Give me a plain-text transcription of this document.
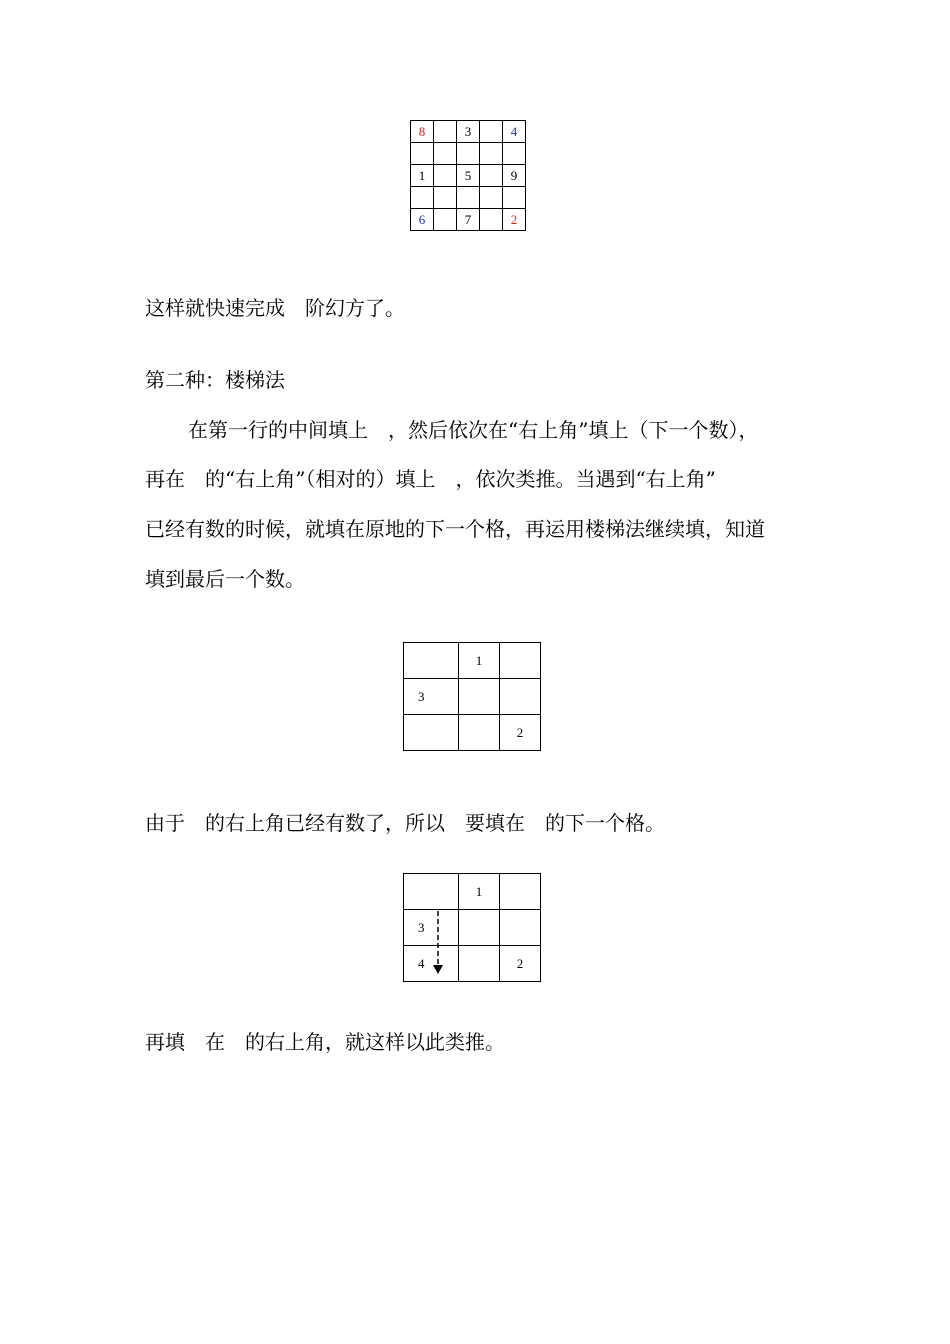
8		3		4

1		5		9

6		7		2

这样就快速完成　阶幻方了。

第二种：楼梯法

在第一行的中间填上　，然后依次在“右上角”填上（下一个数），

再在　的“右上角”（相对的）填上　，依次类推。当遇到“右上角”

已经有数的时候，就填在原地的下一个格，再运用楼梯法继续填，知道

填到最后一个数。

	1	
3		
		2

由于　的右上角已经有数了，所以　要填在　的下一个格。

	1	
3		
4		2

再填　在　的右上角，就这样以此类推。
